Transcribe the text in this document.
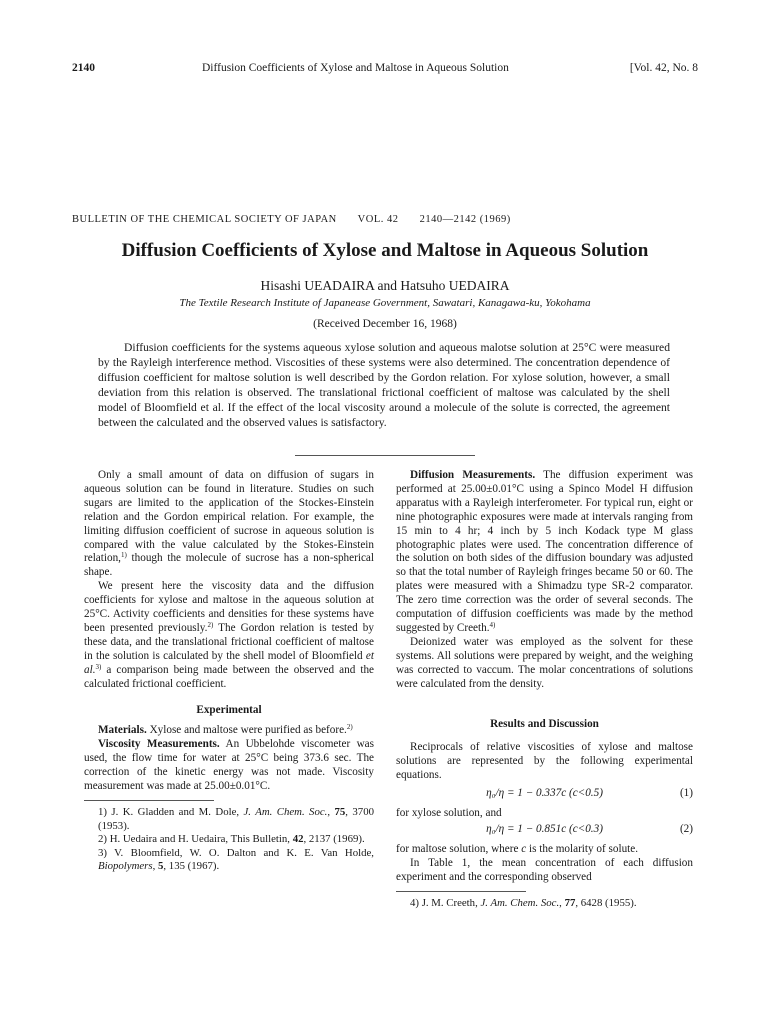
2140	Diffusion Coefficients of Xylose and Maltose in Aqueous Solution	[Vol. 42, No. 8
BULLETIN OF THE CHEMICAL SOCIETY OF JAPAN VOL. 42 2140—2142 (1969)
Diffusion Coefficients of Xylose and Maltose in Aqueous Solution
Hisashi UEADAIRA and Hatsuho UEDAIRA
The Textile Research Institute of Japanease Government, Sawatari, Kanagawa-ku, Yokohama
(Received December 16, 1968)

Diffusion coefficients for the systems aqueous xylose solution and aqueous malotse solution at 25°C were measured by the Rayleigh interference method. Viscosities of these systems were also determined. The concentration dependence of diffusion coefficient for maltose solution is well described by the Gordon relation. For xylose solution, however, a small deviation from this relation is observed. The translational frictional coefficient of maltose was calculated by the shell model of Bloomfield et al. If the effect of the local viscosity around a molecule of the solute is corrected, the agreement between the calculated and the observed values is satisfactory.

Only a small amount of data on diffusion of sugars in aqueous solution can be found in literature. Studies on such sugars are limited to the application of the Stockes-Einstein relation and the Gordon empirical relation. For example, the limiting diffusion coefficient of sucrose in aqueous solution is compared with the value calculated by the Stokes-Einstein relation,$^{1)}$ though the molecule of sucrose has a non-spherical shape.

We present here the viscosity data and the diffusion coefficients for xylose and maltose in the aqueous solution at 25°C. Activity coefficients and densities for these systems have been presented previously.$^{2)}$ The Gordon relation is tested by these data, and the translational frictional coefficient of maltose in the solution is calculated by the shell model of Bloomfield et al.$^{3)}$ a comparison being made between the observed and the calculated frictional coefficient.

Experimental

Materials. Xylose and maltose were purified as before.$^{2)}$

Viscosity Measurements. An Ubbelohde viscometer was used, the flow time for water at 25°C being 373.6 sec. The correction of the kinetic energy was not made. Viscosity measurement was made at 25.00±0.01°C.

1) J. K. Gladden and M. Dole, J. Am. Chem. Soc., 75, 3700 (1953).

2) H. Uedaira and H. Uedaira, This Bulletin, 42, 2137 (1969).

3) V. Bloomfield, W. O. Dalton and K. E. Van Holde, Biopolymers, 5, 135 (1967).

Diffusion Measurements. The diffusion experiment was performed at 25.00±0.01°C using a Spinco Model H diffusion apparatus with a Rayleigh interferometer. For typical run, eight or nine photographic exposures were made at intervals ranging from 15 min to 4 hr; 4 inch by 5 inch Kodack type M glass photographic plates were used. The concentration difference of the solution on both sides of the diffusion boundary was adjusted so that the total number of Rayleigh fringes became 50 or 60. The plates were measured with a Shimadzu type SR-2 comparator. The zero time correction was the order of several seconds. The computation of diffusion coefficients was made by the method suggested by Creeth.$^{4)}$

Deionized water was employed as the solvent for these systems. All solutions were prepared by weight, and the weighing was corrected to vaccum. The molar concentrations of solutions were calculated from the density.

Results and Discussion

Reciprocals of relative viscosities of xylose and maltose solutions are represented by the following experimental equations.

η₀/η = 1 − 0.337c (c<0.5)	(1)

for xylose solution, and

η₀/η = 1 − 0.851c (c<0.3)	(2)

for maltose solution, where c is the molarity of solute.

In Table 1, the mean concentration of each diffusion experiment and the corresponding observed

4) J. M. Creeth, J. Am. Chem. Soc., 77, 6428 (1955).
